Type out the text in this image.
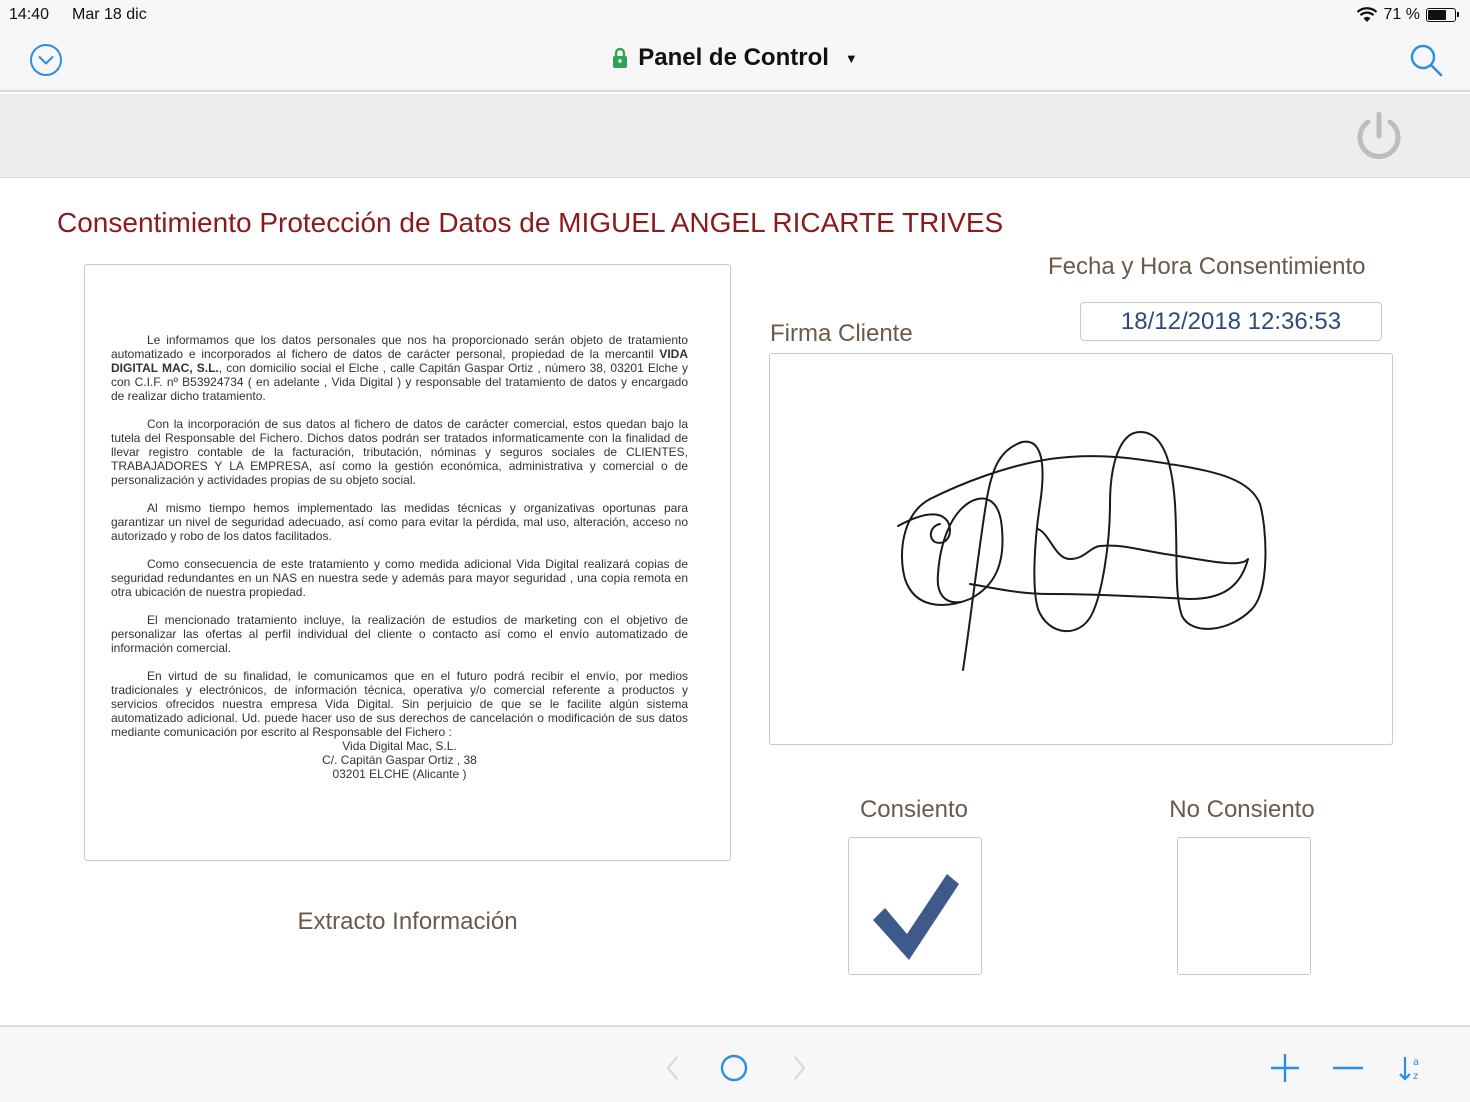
14:40 Mar 18 dic	71 %
Panel de Control ▼
Consentimiento Protección de Datos de MIGUEL ANGEL RICARTE TRIVES

Le informamos que los datos personales que nos ha proporcionado serán objeto de tratamiento automatizado e incorporados al fichero de datos de carácter personal, propiedad de la mercantil VIDA DIGITAL MAC, S.L., con domicilio social el Elche , calle Capitán Gaspar Ortiz , número 38, 03201 Elche y con C.I.F. nº B53924734 ( en adelante , Vida Digital ) y responsable del tratamiento de datos y encargado de realizar dicho tratamiento.

Con la incorporación de sus datos al fichero de datos de carácter comercial, estos quedan bajo la tutela del Responsable del Fichero. Dichos datos podrán ser tratados informaticamente con la finalidad de llevar registro contable de la facturación, tributación, nóminas y seguros sociales de CLIENTES, TRABAJADORES Y LA EMPRESA, así como la gestión económica, administrativa y comercial o de personalización y actividades propias de su objeto social.

Al mismo tiempo hemos implementado las medidas técnicas y organizativas oportunas para garantizar un nivel de seguridad adecuado, así como para evitar la pérdida, mal uso, alteración, acceso no autorizado y robo de los datos facilitados.

Como consecuencia de este tratamiento y como medida adicional Vida Digital realizará copias de seguridad redundantes en un NAS en nuestra sede y además para mayor seguridad , una copia remota en otra ubicación de nuestra propiedad.

El mencionado tratamiento incluye, la realización de estudios de marketing con el objetivo de personalizar las ofertas al perfil individual del cliente o contacto así como el envío automatizado de información comercial.

En virtud de su finalidad, le comunicamos que en el futuro podrá recibir el envío, por medios tradicionales y electrónicos, de información técnica, operativa y/o comercial referente a productos y servicios ofrecidos nuestra empresa Vida Digital. Sin perjuicio de que se le facilite algún sistema automatizado adicional. Ud. puede hacer uso de sus derechos de cancelación o modificación de sus datos mediante comunicación por escrito al Responsable del Fichero :

Vida Digital Mac, S.L.
C/. Capitán Gaspar Ortiz , 38
03201 ELCHE (Alicante )

Extracto Información
Fecha y Hora Consentimiento
18/12/2018 12:36:53
Firma Cliente
Consiento	No Consiento
a
z
